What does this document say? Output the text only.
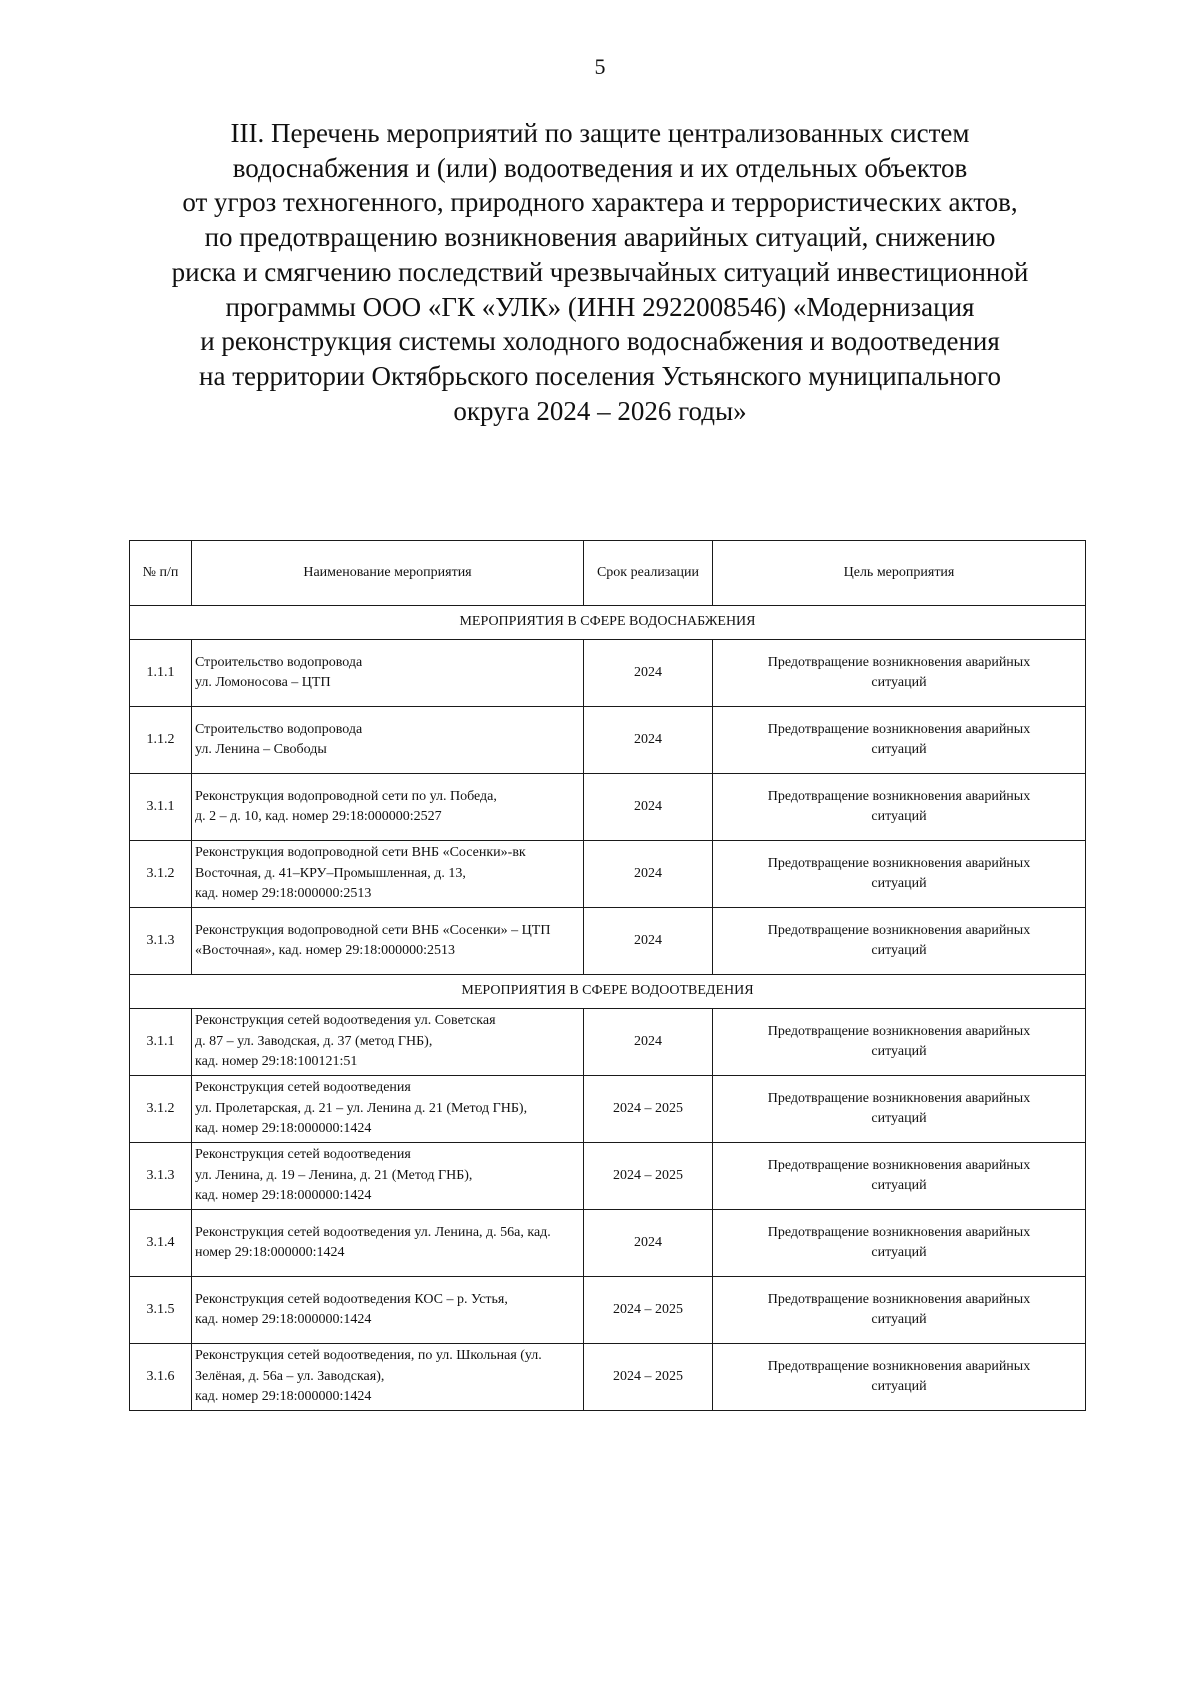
5
III. Перечень мероприятий по защите централизованных систем
водоснабжения и (или) водоотведения и их отдельных объектов
от угроз техногенного, природного характера и террористических актов,
по предотвращению возникновения аварийных ситуаций, снижению
риска и смягчению последствий чрезвычайных ситуаций инвестиционной
программы ООО «ГК «УЛК» (ИНН 2922008546) «Модернизация
и реконструкция системы холодного водоснабжения и водоотведения
на территории Октябрьского поселения Устьянского муниципального
округа 2024 – 2026 годы»
№ п/п	Наименование мероприятия	Срок реализации	Цель мероприятия
МЕРОПРИЯТИЯ В СФЕРЕ ВОДОСНАБЖЕНИЯ			
1.1.1	Строительство водопровода
ул. Ломоносова – ЦТП	2024	Предотвращение возникновения аварийных
ситуаций

1.1.2	Строительство водопровода
ул. Ленина – Свободы	2024	Предотвращение возникновения аварийных
ситуаций

3.1.1	Реконструкция водопроводной сети по ул. Победа,
д. 2 – д. 10, кад. номер 29:18:000000:2527	2024	Предотвращение возникновения аварийных
ситуаций

3.1.2	Реконструкция водопроводной сети ВНБ «Сосенки»-вк
Восточная, д. 41–КРУ–Промышленная, д. 13,
кад. номер 29:18:000000:2513	2024	Предотвращение возникновения аварийных
ситуаций

3.1.3	Реконструкция водопроводной сети ВНБ «Сосенки» – ЦТП
«Восточная», кад. номер 29:18:000000:2513	2024	Предотвращение возникновения аварийных
ситуаций

МЕРОПРИЯТИЯ В СФЕРЕ ВОДООТВЕДЕНИЯ			
3.1.1	Реконструкция сетей водоотведения ул. Советская
д. 87 – ул. Заводская, д. 37 (метод ГНБ),
кад. номер 29:18:100121:51	2024	Предотвращение возникновения аварийных
ситуаций

3.1.2	Реконструкция сетей водоотведения
ул. Пролетарская, д. 21 – ул. Ленина д. 21 (Метод ГНБ),
кад. номер 29:18:000000:1424	2024 – 2025	Предотвращение возникновения аварийных
ситуаций

3.1.3	Реконструкция сетей водоотведения
ул. Ленина, д. 19 – Ленина, д. 21 (Метод ГНБ),
кад. номер 29:18:000000:1424	2024 – 2025	Предотвращение возникновения аварийных
ситуаций

3.1.4	Реконструкция сетей водоотведения ул. Ленина, д. 56а, кад.
номер 29:18:000000:1424	2024	Предотвращение возникновения аварийных
ситуаций

3.1.5	Реконструкция сетей водоотведения КОС – р. Устья,
кад. номер 29:18:000000:1424	2024 – 2025	Предотвращение возникновения аварийных
ситуаций

3.1.6	Реконструкция сетей водоотведения, по ул. Школьная (ул.
Зелёная, д. 56а – ул. Заводская),
кад. номер 29:18:000000:1424	2024 – 2025	Предотвращение возникновения аварийных
ситуаций
